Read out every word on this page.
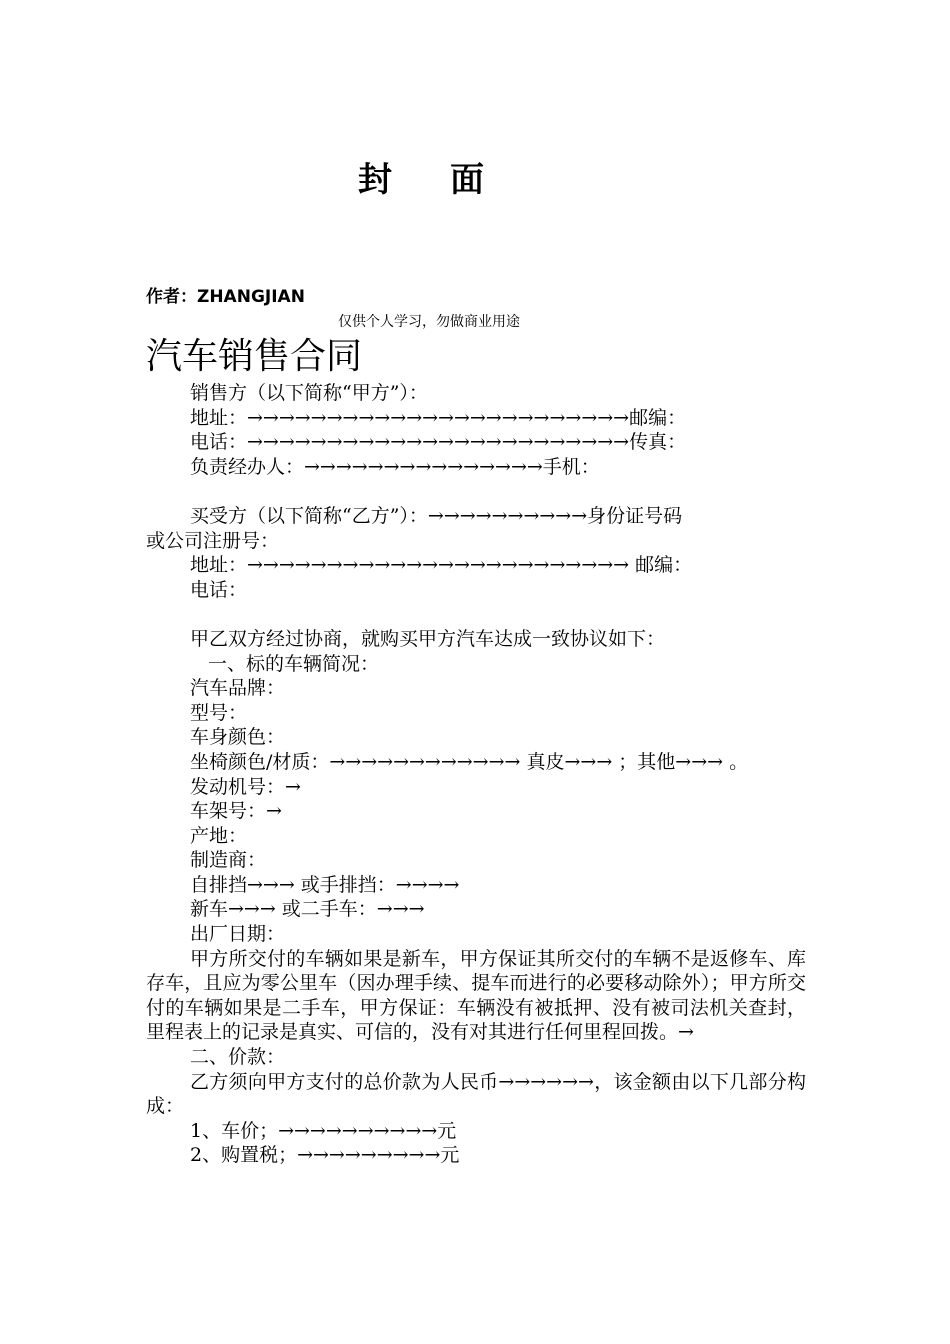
封面
作者：ZHANGJIAN
仅供个人学习，勿做商业用途
汽车销售合同
销售方（以下简称“甲方”）：
地址：→→→→→→→→→→→→→→→→→→→→→→→→邮编：
电话：→→→→→→→→→→→→→→→→→→→→→→→→传真：
负责经办人：→→→→→→→→→→→→→→→手机：
买受方（以下简称“乙方”）：→→→→→→→→→→身份证号码
或公司注册号：
地址：→→→→→→→→→→→→→→→→→→→→→→→→ 邮编：
电话：
甲乙双方经过协商，就购买甲方汽车达成一致协议如下：
一、标的车辆简况：
汽车品牌：
型号：
车身颜色：
坐椅颜色/材质：→→→→→→→→→→→→ 真皮→→→ ；其他→→→ 。
发动机号：→
车架号：→
产地：
制造商：
自排挡→→→ 或手排挡：→→→→
新车→→→ 或二手车：→→→
出厂日期：
甲方所交付的车辆如果是新车，甲方保证其所交付的车辆不是返修车、库存车，且应为零公里车（因办理手续、提车而进行的必要移动除外）；甲方所交付的车辆如果是二手车，甲方保证：车辆没有被抵押、没有被司法机关查封，里程表上的记录是真实、可信的，没有对其进行任何里程回拨。→
二、价款：
乙方须向甲方支付的总价款为人民币→→→→→→，该金额由以下几部分构成：
1、车价；→→→→→→→→→→元
2、购置税；→→→→→→→→→元
